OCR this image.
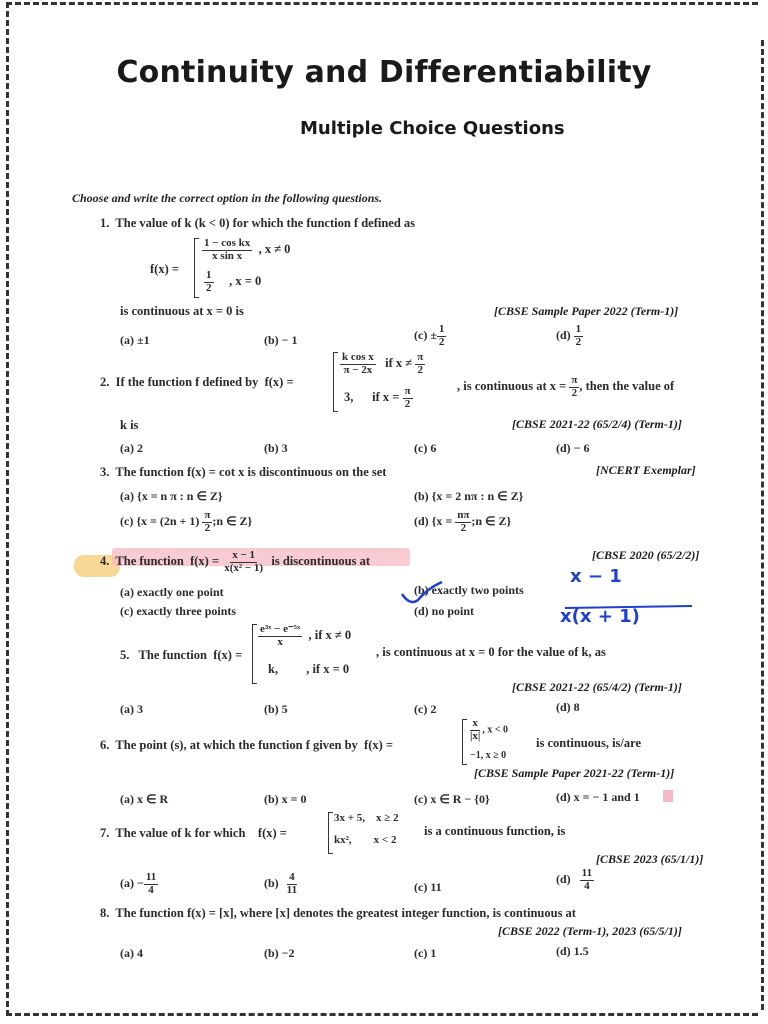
Continuity and Differentiability
Multiple Choice Questions
Choose and write the correct option in the following questions.
1. The value of k (k < 0) for which the function f defined as
f(x) =
$\frac{\text{1 − cos kx}}{\text{x sin x}}$ , x ≠ 0
$\frac{1}{2}$ , x = 0
is continuous at x = 0 is	[CBSE Sample Paper 2022 (Term-1)]
(a) ±1	(b) − 1	$(c) \pm \frac{1}{2}$	$(d) \frac{1}{2}$
2. If the function f defined by f(x) =
$\frac{\text{k cos x}}{\pi - 2x}$ if $x \ne \frac{\pi}{2}$
3, if $x = \frac{\pi}{2}$
, is continuous at $x = \frac{\pi}{2}$ , then the value of
k is	[CBSE 2021-22 (65/2/4) (Term-1)]
(a) 2	(b) 3	(c) 6	(d) − 6
3. The function f(x) = cot x is discontinuous on the set	[NCERT Exemplar]
(a) {x = n π : n ∈ Z}	(b) {x = 2 nπ : n ∈ Z}
(c) {$x = (2n + 1) \frac{\pi}{2}$ ;n ∈ Z}	(d) {$x = \frac{n\pi}{2}$ ;n ∈ Z}
4. The function $f(x) = \frac{x - 1}{\text{x(x² − 1)}}$ is discontinuous at	[CBSE 2020 (65/2/2)]
(a) exactly one point	(b) exactly two points
(c) exactly three points	(d) no point
x − 1
x(x + 1)
5. The function f(x) =
$\frac{\text{e³ˣ − e⁻⁵ˣ}}{x}$ , if x ≠ 0
k, , if x = 0
, is continuous at x = 0 for the value of k, as
[CBSE 2021-22 (65/4/2) (Term-1)]
(a) 3	(b) 5	(c) 2	(d) 8
6. The point (s), at which the function f given by f(x) =
$\frac{x}{|x|}$ , x < 0
−1, x ≥ 0
is continuous, is/are
[CBSE Sample Paper 2021-22 (Term-1)]
(a) x ∈ R	(b) x = 0	(c) x ∈ R − {0}	(d) x = − 1 and 1
7. The value of k for which f(x) =
3x + 5, x ≥ 2
kx², x < 2
is a continuous function, is
[CBSE 2023 (65/1/1)]
$(a) - \frac{11}{4}$	$(b) \frac{4}{11}$	(c) 11
$(d) \frac{11}{4}$
8. The function f(x) = [x], where [x] denotes the greatest integer function, is continuous at
[CBSE 2022 (Term-1), 2023 (65/5/1)]
(a) 4	(b) −2	(c) 1	(d) 1.5
